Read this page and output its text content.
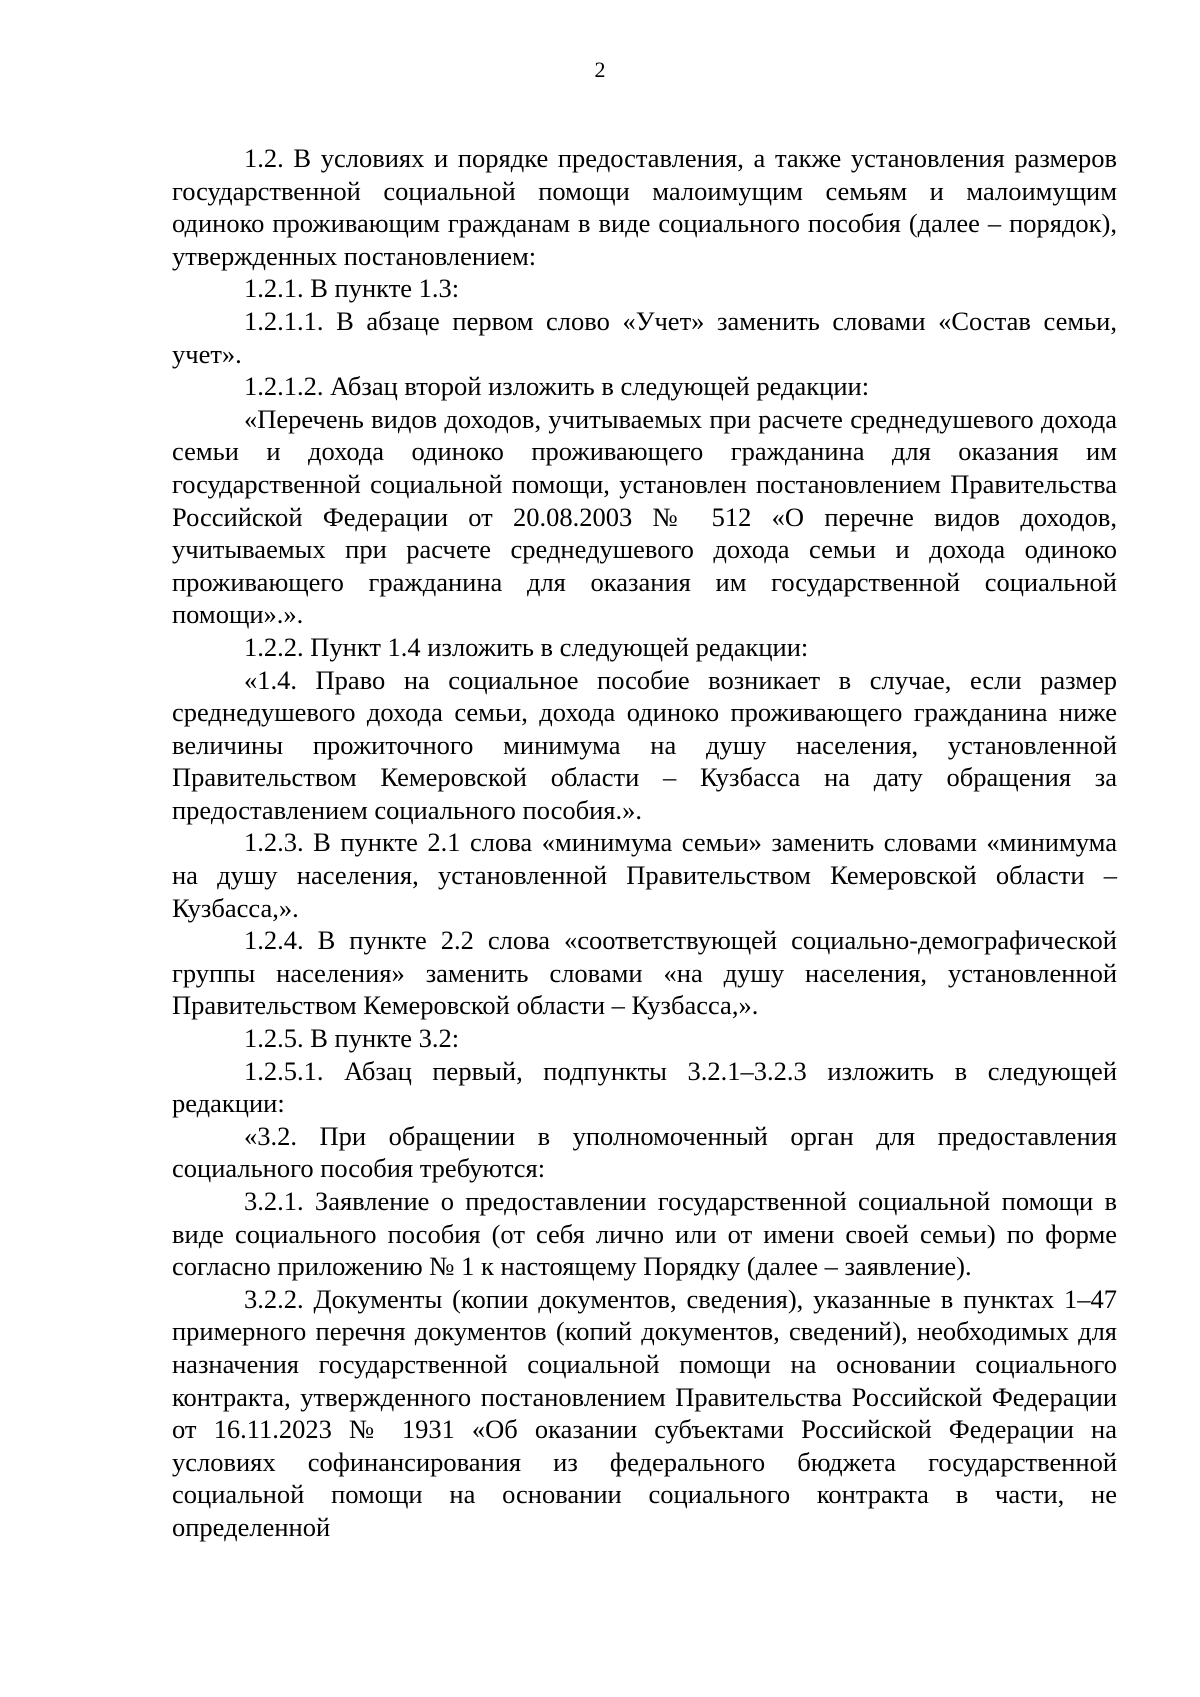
2

1.2. В условиях и порядке предоставления, а также установления размеров государственной социальной помощи малоимущим семьям и малоимущим одиноко проживающим гражданам в виде социального пособия (далее – порядок), утвержденных постановлением:

1.2.1. В пункте 1.3:

1.2.1.1. В абзаце первом слово «Учет» заменить словами «Состав семьи, учет».

1.2.1.2. Абзац второй изложить в следующей редакции:

«Перечень видов доходов, учитываемых при расчете среднедушевого дохода семьи и дохода одиноко проживающего гражданина для оказания им государственной социальной помощи, установлен постановлением Правительства Российской Федерации от 20.08.2003 № 512 «О перечне видов доходов, учитываемых при расчете среднедушевого дохода семьи и дохода одиноко проживающего гражданина для оказания им государственной социальной помощи».».

1.2.2. Пункт 1.4 изложить в следующей редакции:

«1.4. Право на социальное пособие возникает в случае, если размер среднедушевого дохода семьи, дохода одиноко проживающего гражданина ниже величины прожиточного минимума на душу населения, установленной Правительством Кемеровской области – Кузбасса на дату обращения за предоставлением социального пособия.».

1.2.3. В пункте 2.1 слова «минимума семьи» заменить словами «минимума на душу населения, установленной Правительством Кемеровской области – Кузбасса,».

1.2.4. В пункте 2.2 слова «соответствующей социально-демографической группы населения» заменить словами «на душу населения, установленной Правительством Кемеровской области – Кузбасса,».

1.2.5. В пункте 3.2:

1.2.5.1. Абзац первый, подпункты 3.2.1–3.2.3 изложить в следующей редакции:

«3.2. При обращении в уполномоченный орган для предоставления социального пособия требуются:

3.2.1. Заявление о предоставлении государственной социальной помощи в виде социального пособия (от себя лично или от имени своей семьи) по форме согласно приложению № 1 к настоящему Порядку (далее – заявление).

3.2.2. Документы (копии документов, сведения), указанные в пунктах 1–47 примерного перечня документов (копий документов, сведений), необходимых для назначения государственной социальной помощи на основании социального контракта, утвержденного постановлением Правительства Российской Федерации от 16.11.2023 № 1931 «Об оказании субъектами Российской Федерации на условиях софинансирования из федерального бюджета государственной социальной помощи на основании социального контракта в части, не определенной
